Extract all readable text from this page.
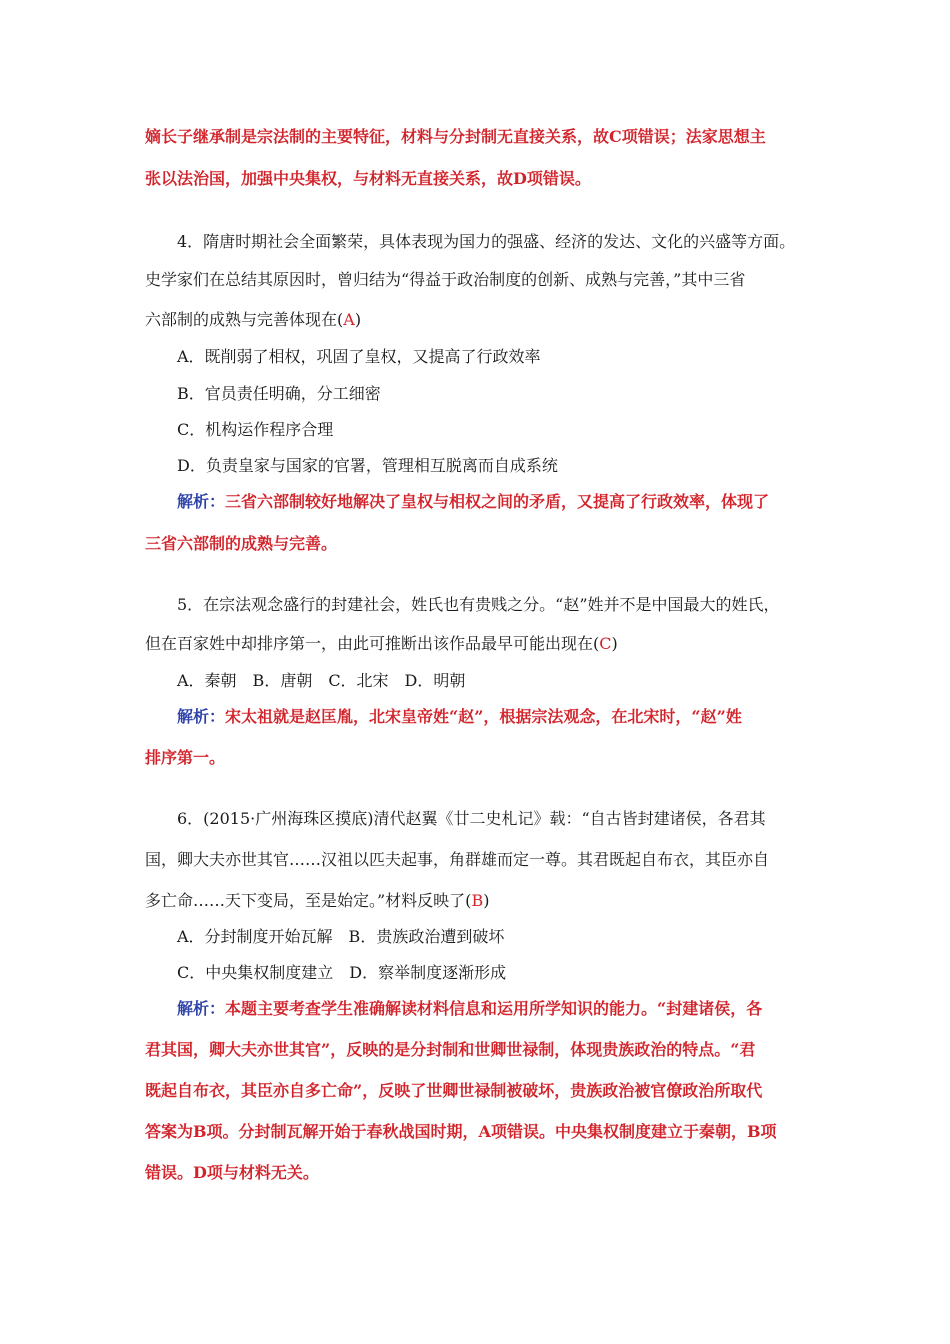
嫡长子继承制是宗法制的主要特征，材料与分封制无直接关系，故C项错误；法家思想主
张以法治国，加强中央集权，与材料无直接关系，故D项错误。
4．隋唐时期社会全面繁荣，具体表现为国力的强盛、经济的发达、文化的兴盛等方面。
史学家们在总结其原因时，曾归结为“得益于政治制度的创新、成熟与完善，”其中三省
六部制的成熟与完善体现在(A)
A．既削弱了相权，巩固了皇权，又提高了行政效率
B．官员责任明确，分工细密
C．机构运作程序合理
D．负责皇家与国家的官署，管理相互脱离而自成系统
解析：三省六部制较好地解决了皇权与相权之间的矛盾，又提高了行政效率，体现了
三省六部制的成熟与完善。
5．在宗法观念盛行的封建社会，姓氏也有贵贱之分。“赵”姓并不是中国最大的姓氏，
但在百家姓中却排序第一，由此可推断出该作品最早可能出现在(C)
A．秦朝　B．唐朝　C．北宋　D．明朝
解析：宋太祖就是赵匡胤，北宋皇帝姓“赵”，根据宗法观念，在北宋时，“赵”姓
排序第一。
6．(2015·广州海珠区摸底)清代赵翼《廿二史札记》载：“自古皆封建诸侯，各君其
国，卿大夫亦世其官……汉祖以匹夫起事，角群雄而定一尊。其君既起自布衣，其臣亦自
多亡命……天下变局，至是始定。”材料反映了(B)
A．分封制度开始瓦解　B．贵族政治遭到破坏
C．中央集权制度建立　D．察举制度逐渐形成
解析：本题主要考查学生准确解读材料信息和运用所学知识的能力。“封建诸侯，各
君其国，卿大夫亦世其官”，反映的是分封制和世卿世禄制，体现贵族政治的特点。“君
既起自布衣，其臣亦自多亡命”，反映了世卿世禄制被破坏，贵族政治被官僚政治所取代
答案为B项。分封制瓦解开始于春秋战国时期，A项错误。中央集权制度建立于秦朝，B项
错误。D项与材料无关。
